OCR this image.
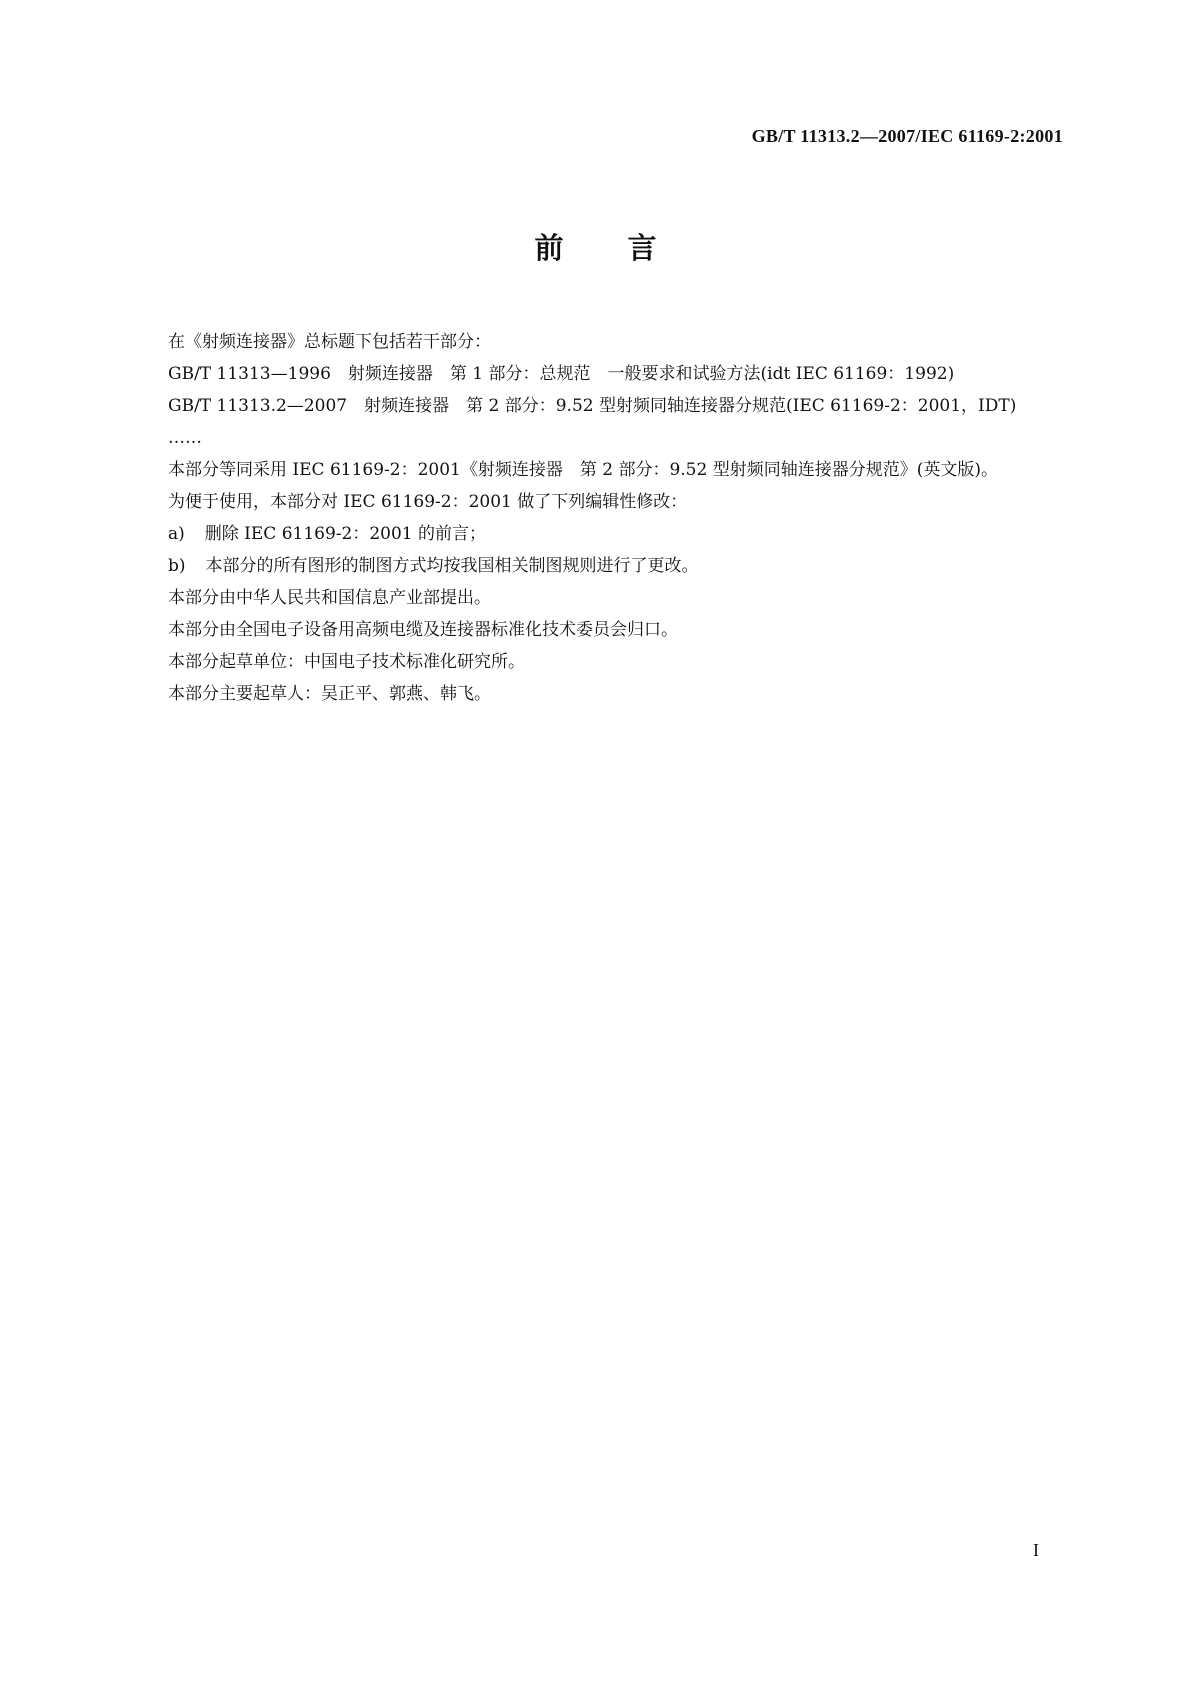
GB/T 11313.2—2007/IEC 61169-2:2001
前言

在《射频连接器》总标题下包括若干部分：

GB/T 11313—1996　射频连接器　第 1 部分：总规范　一般要求和试验方法(idt IEC 61169：1992)

GB/T 11313.2—2007　射频连接器　第 2 部分：9.52 型射频同轴连接器分规范(IEC 61169-2：2001，IDT)

……

本部分等同采用 IEC 61169-2：2001《射频连接器　第 2 部分：9.52 型射频同轴连接器分规范》(英文版)。

为便于使用，本部分对 IEC 61169-2：2001 做了下列编辑性修改：

a) 删除 IEC 61169-2：2001 的前言；

b) 本部分的所有图形的制图方式均按我国相关制图规则进行了更改。

本部分由中华人民共和国信息产业部提出。

本部分由全国电子设备用高频电缆及连接器标准化技术委员会归口。

本部分起草单位：中国电子技术标准化研究所。

本部分主要起草人：吴正平、郭燕、韩飞。

I
